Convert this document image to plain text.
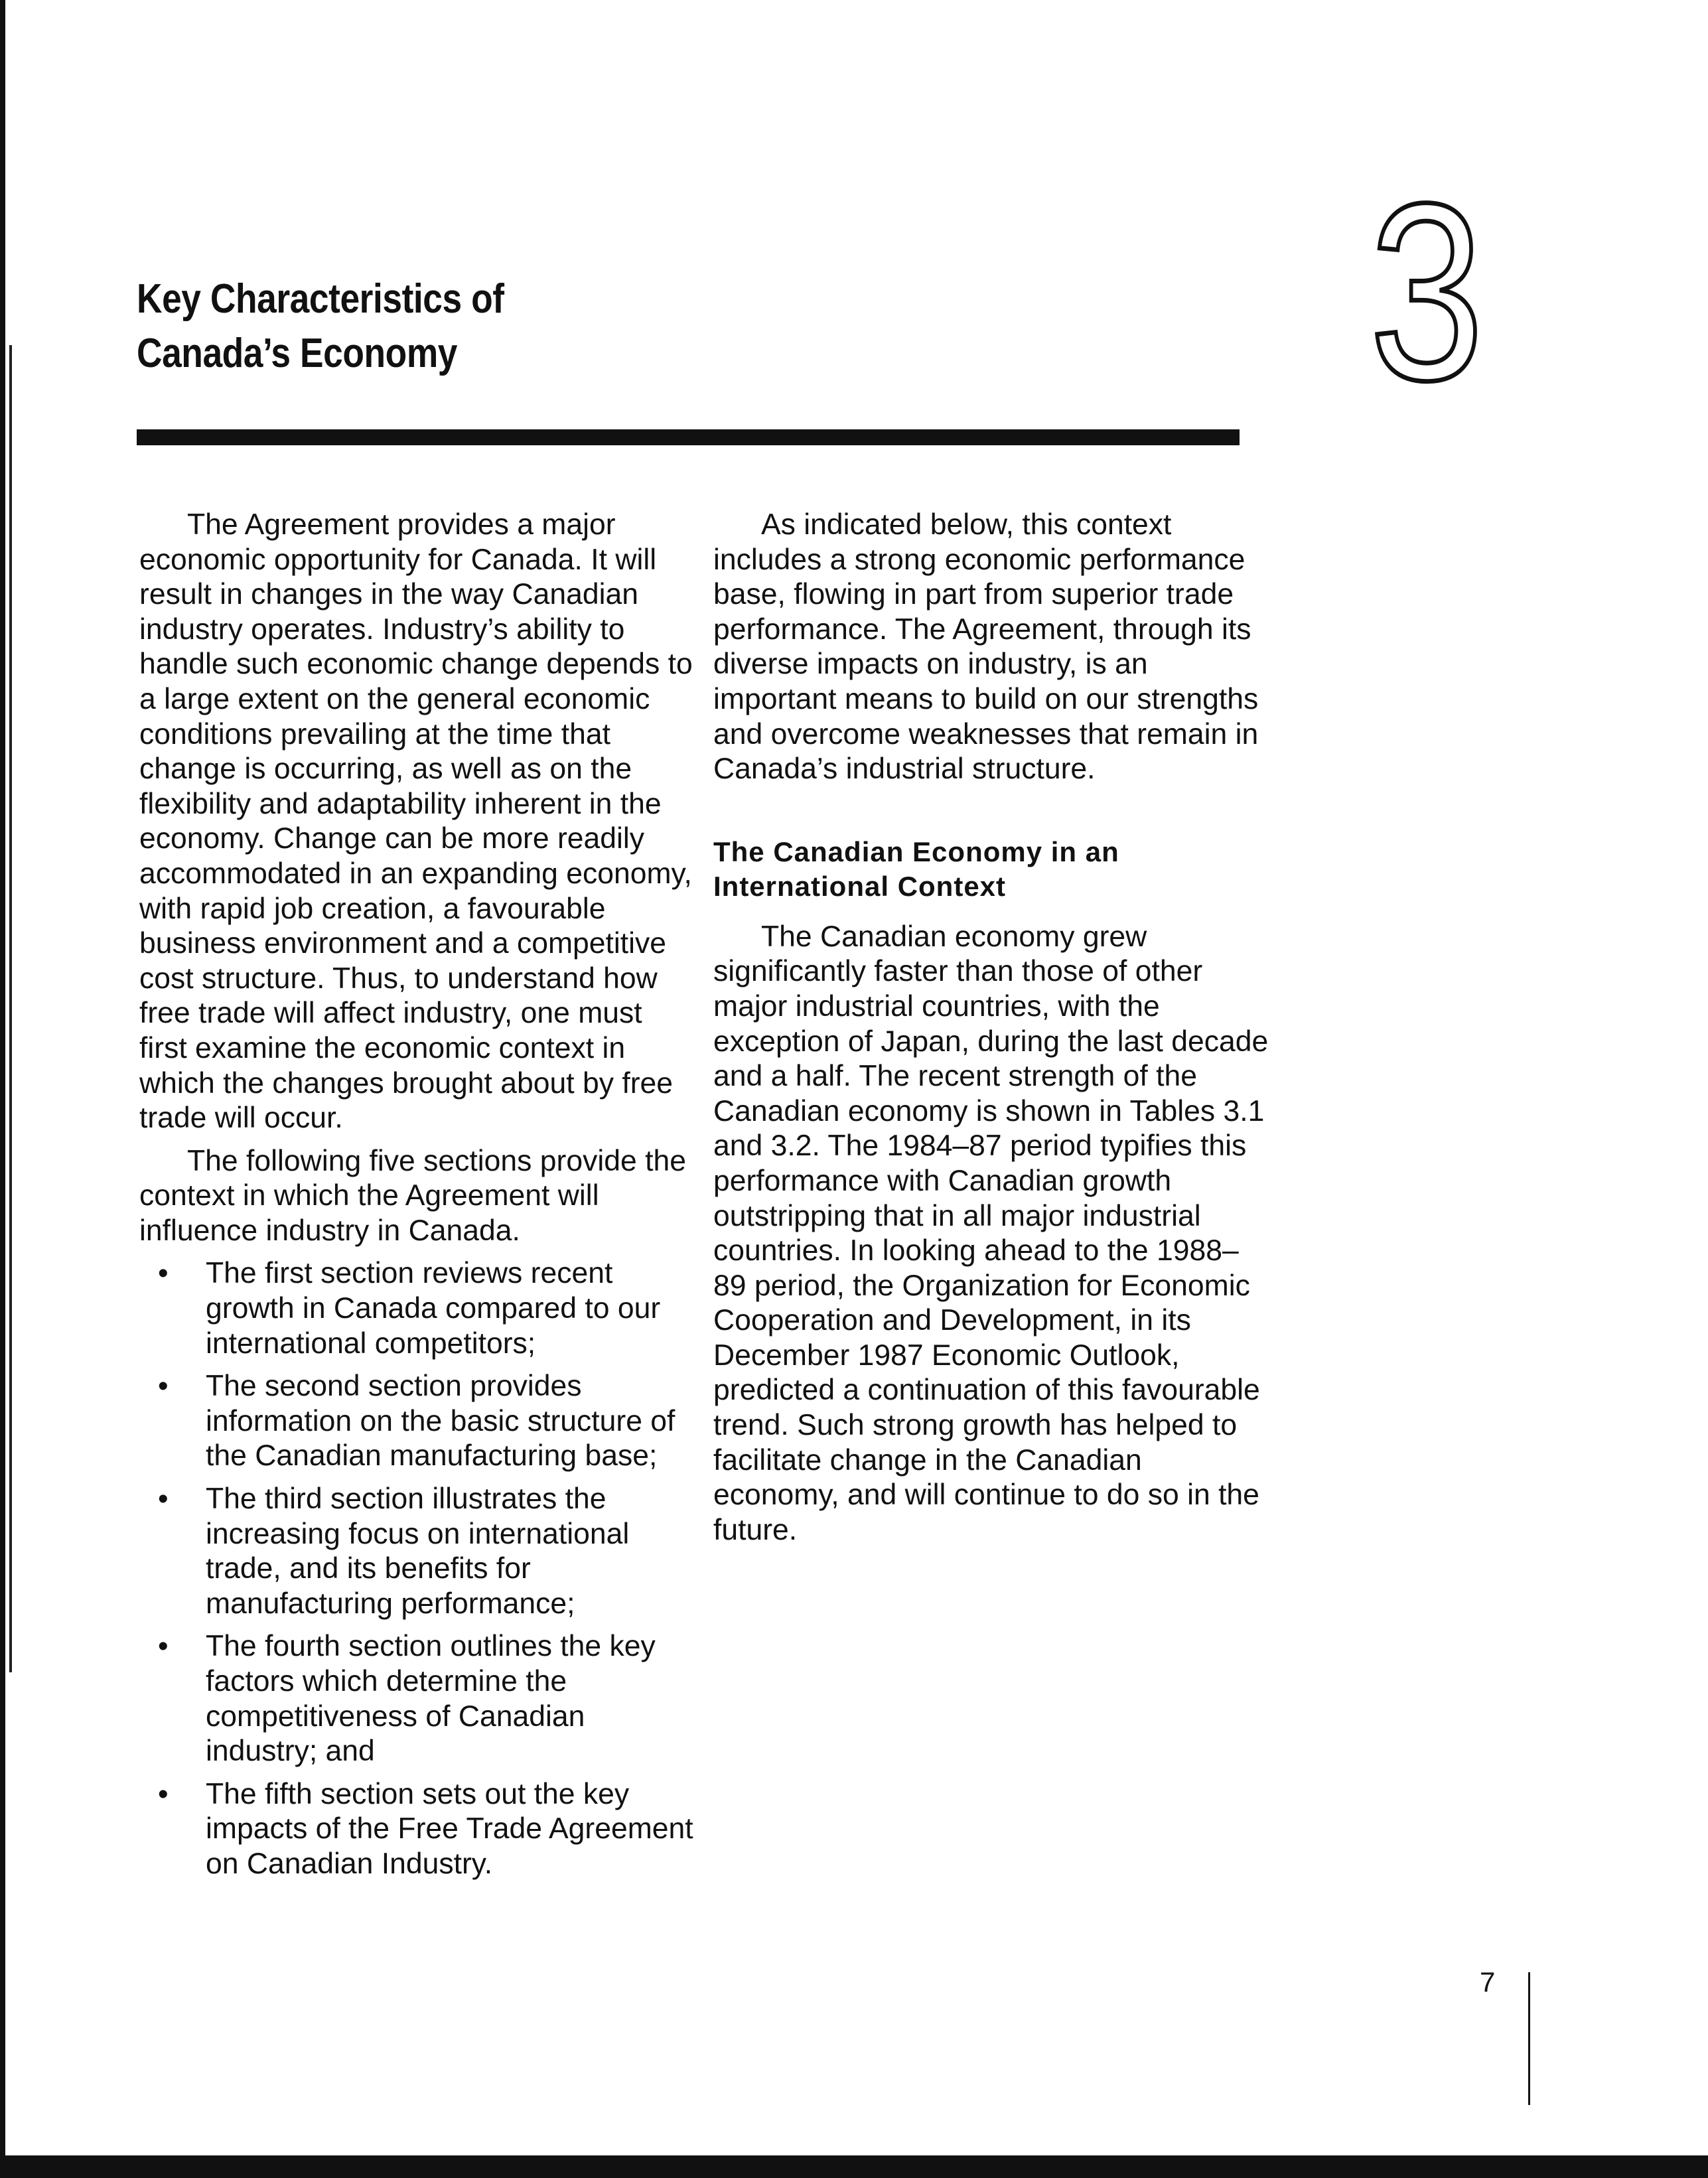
Key Characteristics of
Canada’s Economy	3

The Agreement provides a major economic opportunity for Canada. It will result in changes in the way Canadian industry operates. Industry’s ability to handle such economic change depends to a large extent on the general economic conditions prevailing at the time that change is occurring, as well as on the flexibility and adaptability inherent in the economy. Change can be more readily accommodated in an expanding economy, with rapid job creation, a favourable business environment and a competitive cost structure. Thus, to understand how free trade will affect industry, one must first examine the economic context in which the changes brought about by free trade will occur.

The following five sections provide the context in which the Agreement will influence industry in Canada.

• The first section reviews recent growth in Canada compared to our international competitors;
• The second section provides information on the basic structure of the Canadian manufacturing base;
• The third section illustrates the increasing focus on international trade, and its benefits for manufacturing performance;
• The fourth section outlines the key factors which determine the competitiveness of Canadian industry; and
• The fifth section sets out the key impacts of the Free Trade Agreement on Canadian Industry.

As indicated below, this context includes a strong economic performance base, flowing in part from superior trade performance. The Agreement, through its diverse impacts on industry, is an important means to build on our strengths and overcome weaknesses that remain in Canada’s industrial structure.

The Canadian Economy in an International Context

The Canadian economy grew significantly faster than those of other major industrial countries, with the exception of Japan, during the last decade and a half. The recent strength of the Canadian economy is shown in Tables 3.1 and 3.2. The 1984–87 period typifies this performance with Canadian growth outstripping that in all major industrial countries. In looking ahead to the 1988–89 period, the Organization for Economic Cooperation and Development, in its December 1987 Economic Outlook, predicted a continuation of this favourable trend. Such strong growth has helped to facilitate change in the Canadian economy, and will continue to do so in the future.

7
